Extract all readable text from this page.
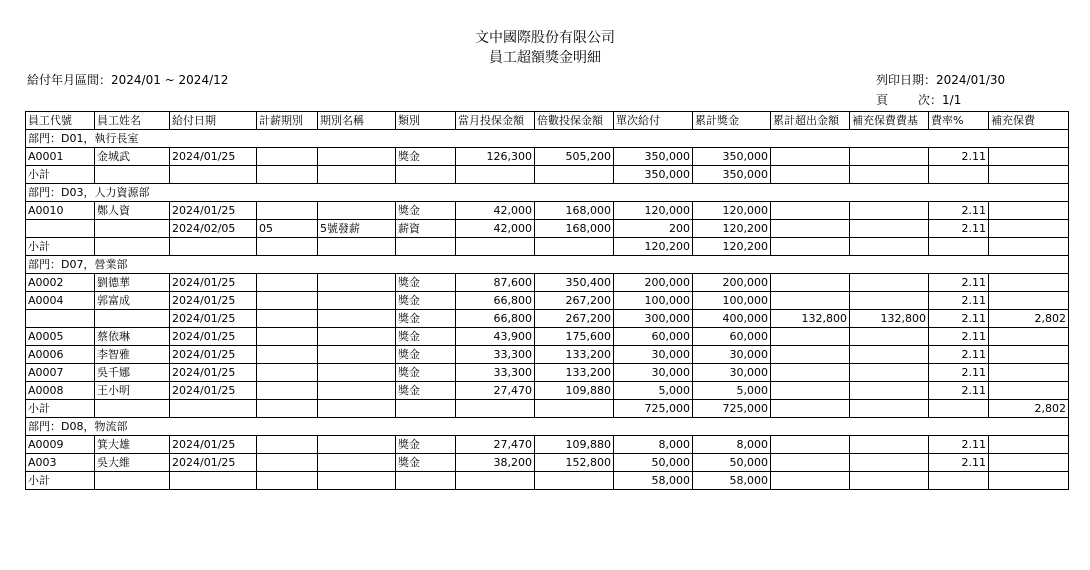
文中國際股份有限公司
員工超額獎金明細
給付年月區間：2024/01 ~ 2024/12	列印日期：2024/01/30
頁	次：1/1
員工代號	員工姓名	給付日期	計薪期別	期別名稱	類別	當月投保金額	倍數投保金額	單次給付	累計獎金	累計超出金額	補充保費費基	費率%	補充保費
部門：D01，執行長室													
A0001	金城武	2024/01/25			獎金	126,300	505,200	350,000	350,000			2.11	
小計								350,000	350,000				
部門：D03，人力資源部													
A0010	鄭人資	2024/01/25			獎金	42,000	168,000	120,000	120,000			2.11	
		2024/02/05	05	5號發薪	薪資	42,000	168,000	200	120,200			2.11	
小計								120,200	120,200				
部門：D07，營業部													
A0002	劉德華	2024/01/25			獎金	87,600	350,400	200,000	200,000			2.11	
A0004	郭富成	2024/01/25			獎金	66,800	267,200	100,000	100,000			2.11	
		2024/01/25			獎金	66,800	267,200	300,000	400,000	132,800	132,800	2.11	2,802
A0005	蔡依琳	2024/01/25			獎金	43,900	175,600	60,000	60,000			2.11	
A0006	李智雅	2024/01/25			獎金	33,300	133,200	30,000	30,000			2.11	
A0007	吳千娜	2024/01/25			獎金	33,300	133,200	30,000	30,000			2.11	
A0008	王小明	2024/01/25			獎金	27,470	109,880	5,000	5,000			2.11	
小計								725,000	725,000				2,802
部門：D08，物流部													
A0009	箕大雄	2024/01/25			獎金	27,470	109,880	8,000	8,000			2.11	
A003	吳大維	2024/01/25			獎金	38,200	152,800	50,000	50,000			2.11	
小計								58,000	58,000				
